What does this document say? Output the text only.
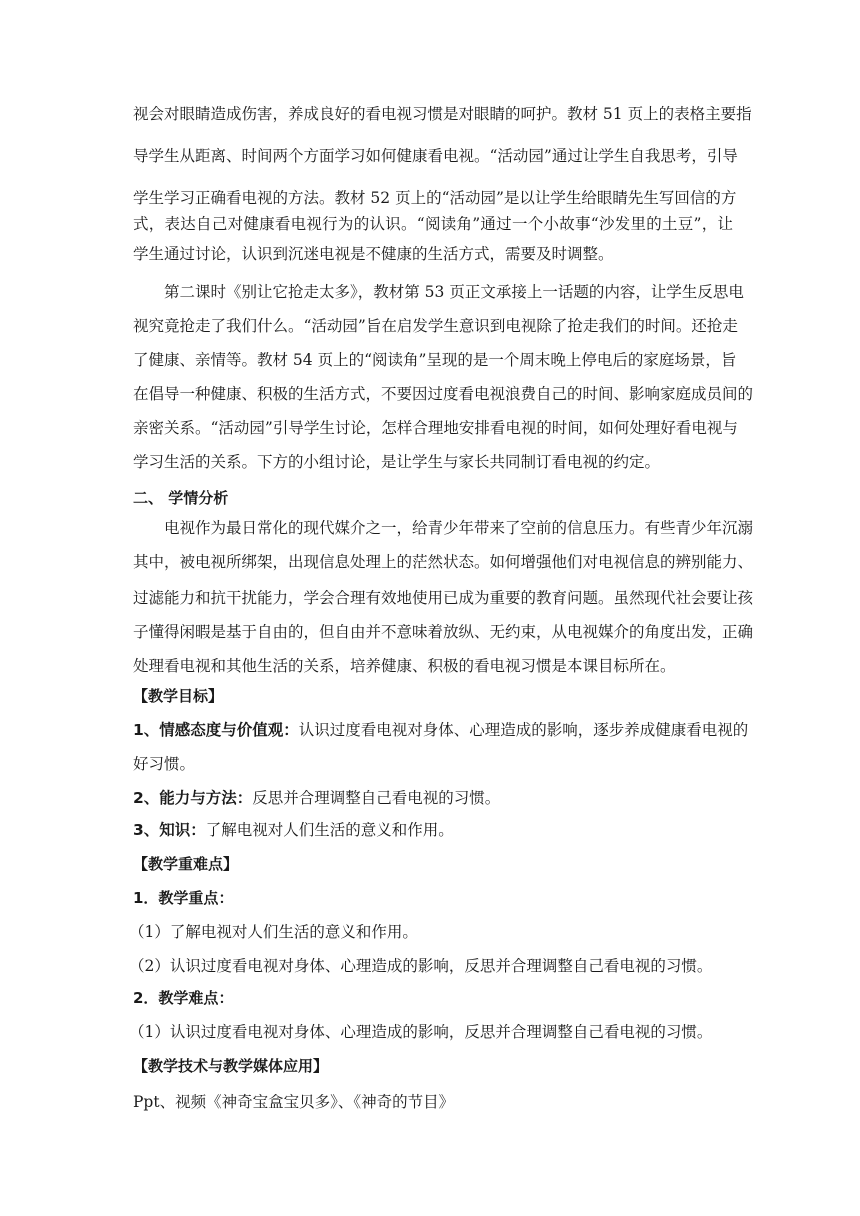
视会对眼睛造成伤害，养成良好的看电视习惯是对眼睛的呵护。教材 51 页上的表格主要指
导学生从距离、时间两个方面学习如何健康看电视。“活动园”通过让学生自我思考，引导
学生学习正确看电视的方法。教材 52 页上的“活动园”是以让学生给眼睛先生写回信的方
式，表达自己对健康看电视行为的认识。“阅读角”通过一个小故事“沙发里的土豆”，让
学生通过讨论，认识到沉迷电视是不健康的生活方式，需要及时调整。
第二课时《别让它抢走太多》，教材第 53 页正文承接上一话题的内容，让学生反思电
视究竟抢走了我们什么。“活动园”旨在启发学生意识到电视除了抢走我们的时间。还抢走
了健康、亲情等。教材 54 页上的“阅读角”呈现的是一个周末晚上停电后的家庭场景，旨
在倡导一种健康、积极的生活方式，不要因过度看电视浪费自己的时间、影响家庭成员间的
亲密关系。“活动园”引导学生讨论，怎样合理地安排看电视的时间，如何处理好看电视与
学习生活的关系。下方的小组讨论，是让学生与家长共同制订看电视的约定。
二、 学情分析
电视作为最日常化的现代媒介之一，给青少年带来了空前的信息压力。有些青少年沉溺
其中，被电视所绑架，出现信息处理上的茫然状态。如何增强他们对电视信息的辨别能力、
过滤能力和抗干扰能力，学会合理有效地使用已成为重要的教育问题。虽然现代社会要让孩
子懂得闲暇是基于自由的，但自由并不意味着放纵、无约束，从电视媒介的角度出发，正确
处理看电视和其他生活的关系，培养健康、积极的看电视习惯是本课目标所在。
【教学目标】
1、情感态度与价值观：认识过度看电视对身体、心理造成的影响，逐步养成健康看电视的
好习惯。
2、能力与方法：反思并合理调整自己看电视的习惯。
3、知识：了解电视对人们生活的意义和作用。
【教学重难点】
1．教学重点：
（1）了解电视对人们生活的意义和作用。
（2）认识过度看电视对身体、心理造成的影响，反思并合理调整自己看电视的习惯。
2．教学难点：
（1）认识过度看电视对身体、心理造成的影响，反思并合理调整自己看电视的习惯。
【教学技术与教学媒体应用】
Ppt、视频《神奇宝盒宝贝多》、《神奇的节目》
